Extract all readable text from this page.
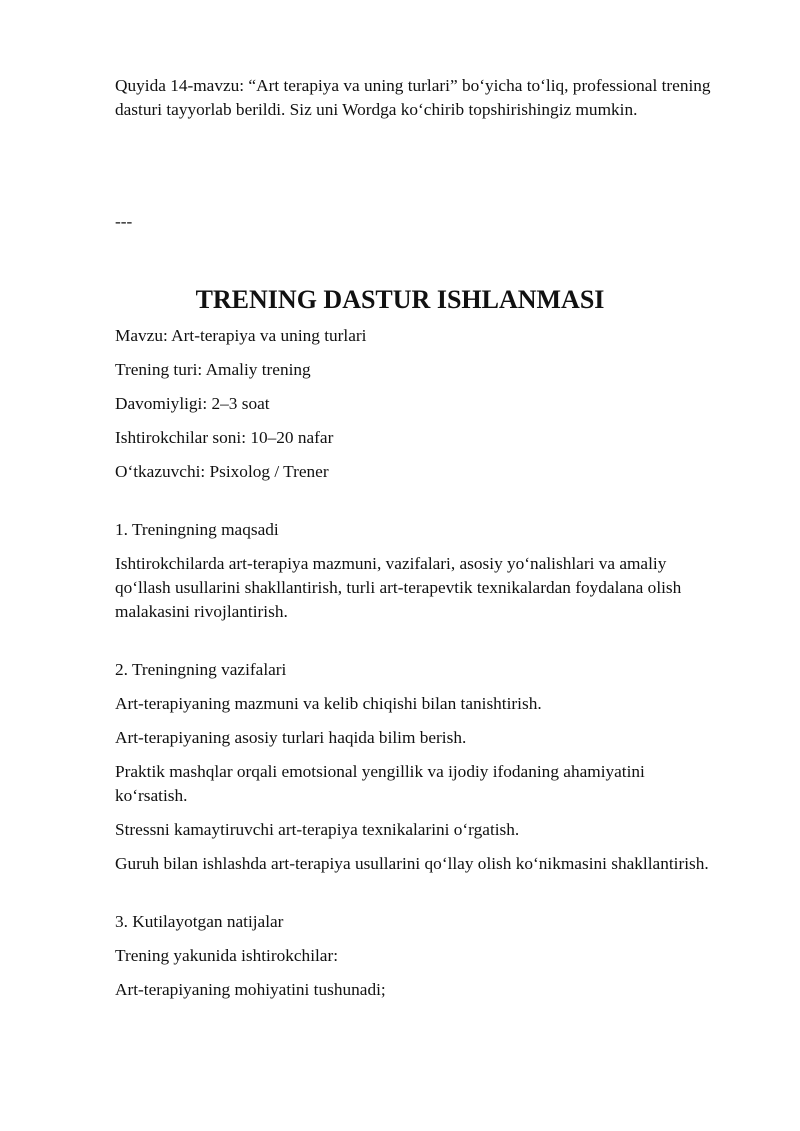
Quyida 14-mavzu: “Art terapiya va uning turlari” bo‘yicha to‘liq, professional trening dasturi tayyorlab berildi. Siz uni Wordga ko‘chirib topshirishingiz mumkin.

---
TRENING DASTUR ISHLANMASI

Mavzu: Art-terapiya va uning turlari

Trening turi: Amaliy trening

Davomiyligi: 2–3 soat

Ishtirokchilar soni: 10–20 nafar

O‘tkazuvchi: Psixolog / Trener

1. Treningning maqsadi

Ishtirokchilarda art-terapiya mazmuni, vazifalari, asosiy yo‘nalishlari va amaliy qo‘llash usullarini shakllantirish, turli art-terapevtik texnikalardan foydalana olish malakasini rivojlantirish.

2. Treningning vazifalari

Art-terapiyaning mazmuni va kelib chiqishi bilan tanishtirish.

Art-terapiyaning asosiy turlari haqida bilim berish.

Praktik mashqlar orqali emotsional yengillik va ijodiy ifodaning ahamiyatini ko‘rsatish.

Stressni kamaytiruvchi art-terapiya texnikalarini o‘rgatish.

Guruh bilan ishlashda art-terapiya usullarini qo‘llay olish ko‘nikmasini shakllantirish.

3. Kutilayotgan natijalar

Trening yakunida ishtirokchilar:

Art-terapiyaning mohiyatini tushunadi;
